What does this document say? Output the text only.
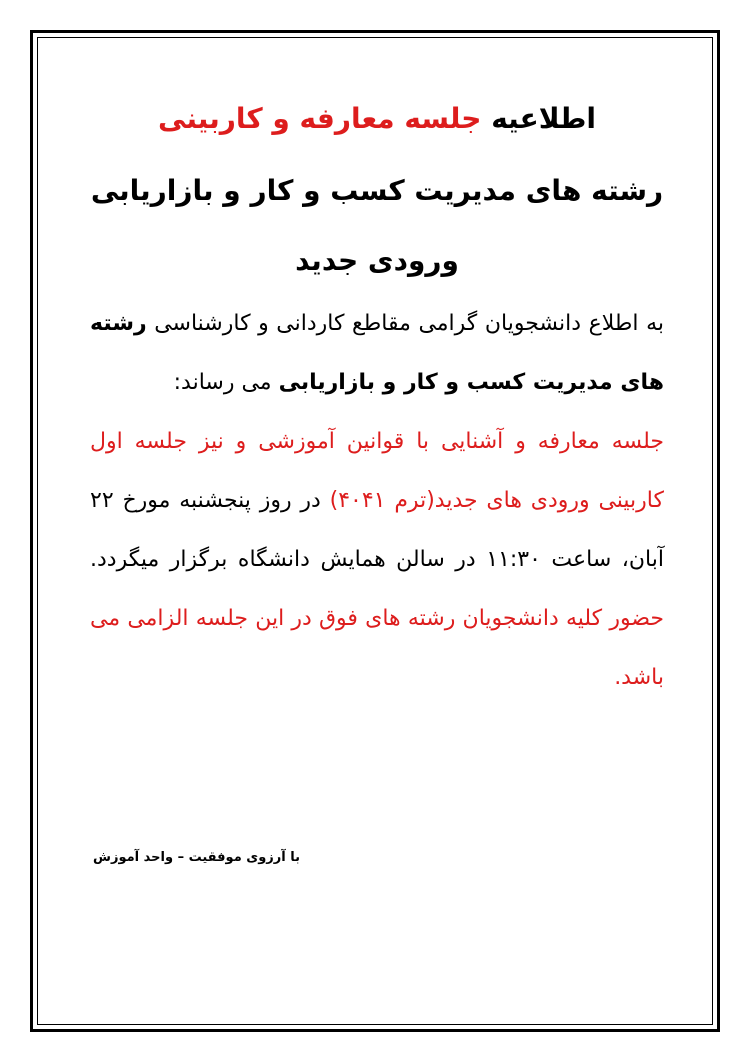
اطلاعیه جلسه معارفه و کاربینی
رشته های مدیریت کسب و کار و بازاریابی
ورودی جدید

به اطلاع دانشجویان گرامی مقاطع کاردانی و کارشناسی رشته های مدیریت کسب و کار و بازاریابی می رساند:

جلسه معارفه و آشنایی با قوانین آموزشی و نیز جلسه اول کاربینی ورودی های جدید(ترم ۴۰۴۱) در روز پنجشنبه مورخ ۲۲ آبان، ساعت ۱۱:۳۰ در سالن همایش دانشگاه برگزار میگردد. حضور کلیه دانشجویان رشته های فوق در این جلسه الزامی می باشد.

با آرزوی موفقیت – واحد آموزش
